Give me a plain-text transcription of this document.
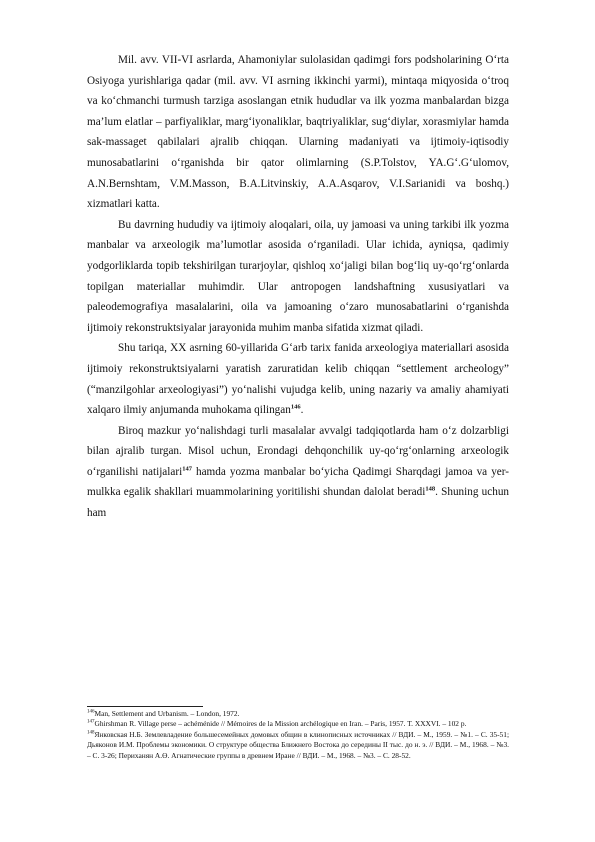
Mil. avv. VII-VI asrlarda, Ahamoniylar sulolasidan qadimgi fors podsholarining O‘rta Osiyoga yurishlariga qadar (mil. avv. VI asrning ikkinchi yarmi), mintaqa miqyosida o‘troq va ko‘chmanchi turmush tarziga asoslangan etnik hududlar va ilk yozma manbalardan bizga ma’lum elatlar – parfiyaliklar, marg‘iyonaliklar, baqtriyaliklar, sug‘diylar, xorasmiylar hamda sak-massaget qabilalari ajralib chiqqan. Ularning madaniyati va ijtimoiy-iqtisodiy munosabatlarini o‘rganishda bir qator olimlarning (S.P.Tolstov, YA.G‘.G‘ulomov, A.N.Bernshtam, V.M.Masson, B.A.Litvinskiy, A.A.Asqarov, V.I.Sarianidi va boshq.) xizmatlari katta.

Bu davrning hududiy va ijtimoiy aloqalari, oila, uy jamoasi va uning tarkibi ilk yozma manbalar va arxeologik ma’lumotlar asosida o‘rganiladi. Ular ichida, ayniqsa, qadimiy yodgorliklarda topib tekshirilgan turarjoylar, qishloq xo‘jaligi bilan bog‘liq uy-qo‘rg‘onlarda topilgan materiallar muhimdir. Ular antropogen landshaftning xususiyatlari va paleodemografiya masalalarini, oila va jamoaning o‘zaro munosabatlarini o‘rganishda ijtimoiy rekonstruktsiyalar jarayonida muhim manba sifatida xizmat qiladi.

Shu tariqa, XX asrning 60-yillarida G‘arb tarix fanida arxeologiya materiallari asosida ijtimoiy rekonstruktsiyalarni yaratish zaruratidan kelib chiqqan “settlement archeology” (“manzilgohlar arxeologiyasi”) yo‘nalishi vujudga kelib, uning nazariy va amaliy ahamiyati xalqaro ilmiy anjumanda muhokama qilingan$^{146}$.

Biroq mazkur yo‘nalishdagi turli masalalar avvalgi tadqiqotlarda ham o‘z dolzarbligi bilan ajralib turgan. Misol uchun, Erondagi dehqonchilik uy-qo‘rg‘onlarning arxeologik o‘rganilishi natijalari$^{147}$ hamda yozma manbalar bo‘yicha Qadimgi Sharqdagi jamoa va yer-mulkka egalik shakllari muammolarining yoritilishi shundan dalolat beradi$^{148}$. Shuning uchun ham

$^{146}$Man, Settlement and Urbanism. – London, 1972.

$^{147}$Ghirshman R. Village perse – achéménide // Mémoires de la Mission archélogique en Iran. – Paris, 1957. T. XXXVI. – 102 p.

$^{148}$Янковская Н.Б. Землевладение большесемейных домовых общин в клинописных источниках // ВДИ. – М., 1959. – №1. – С. 35-51; Дьяконов И.М. Проблемы экономики. О структуре общества Ближнего Востока до середины II тыс. до н. э. // ВДИ. – М., 1968. – №3. – С. 3-26; Периханян А.Ө. Агнатические группы в древнем Иране // ВДИ. – М., 1968. – №3. – С. 28-52.
